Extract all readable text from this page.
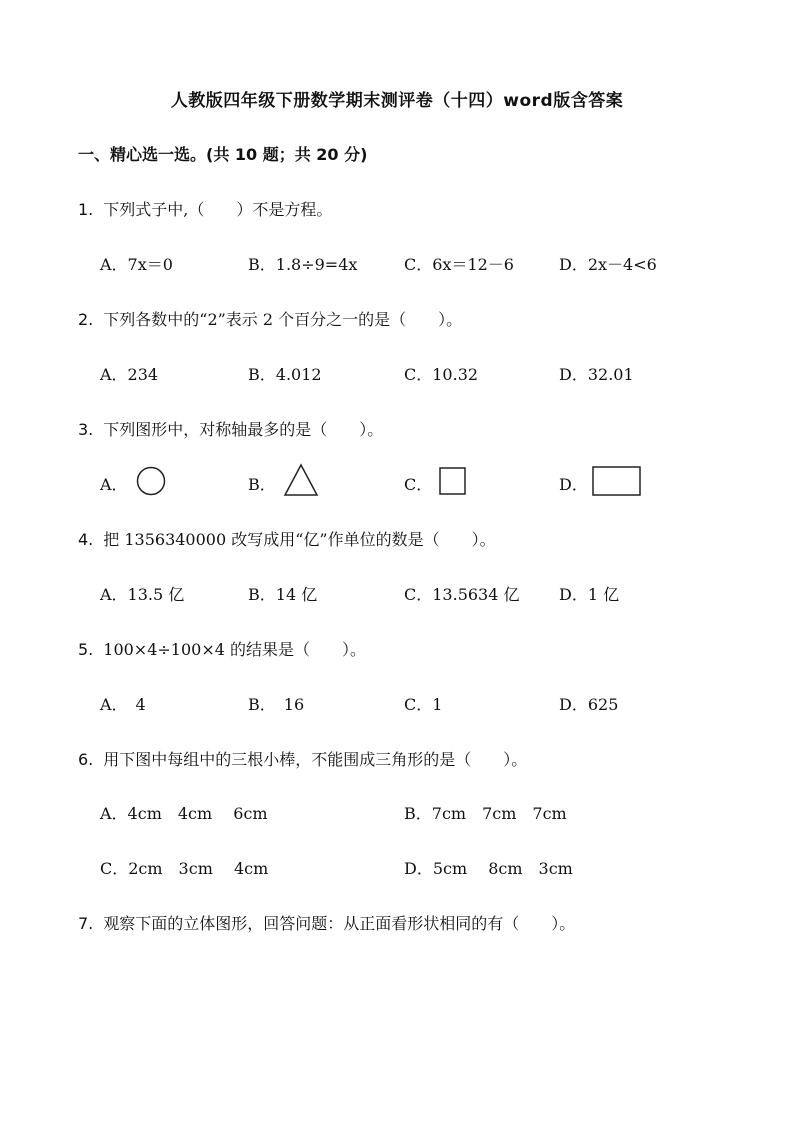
人教版四年级下册数学期末测评卷（十四）word版含答案
一、精心选一选。(共 10 题；共 20 分)
1. 下列式子中,（　　）不是方程。
A．7x＝0	B．1.8÷9=4x	C．6x＝12－6	D．2x－4<6
2. 下列各数中的“2”表示 2 个百分之一的是（　　）。
A．234	B．4.012	C．10.32	D．32.01
3. 下列图形中，对称轴最多的是（　　）。
A．	B．	C．	D．
4. 把 1356340000 改写成用“亿”作单位的数是（　　）。
A．13.5 亿	B．14 亿	C．13.5634 亿 D．1 亿
5. 100×4÷100×4 的结果是（　　）。
A．　4	B．　16	C．1	D．625
6. 用下图中每组中的三根小棒，不能围成三角形的是（　　）。
A．4cm　4cm　 6cm	B．7cm　7cm　7cm
C．2cm　3cm　 4cm	D．5cm　 8cm　3cm
7. 观察下面的立体图形，回答问题：从正面看形状相同的有（　　）。
